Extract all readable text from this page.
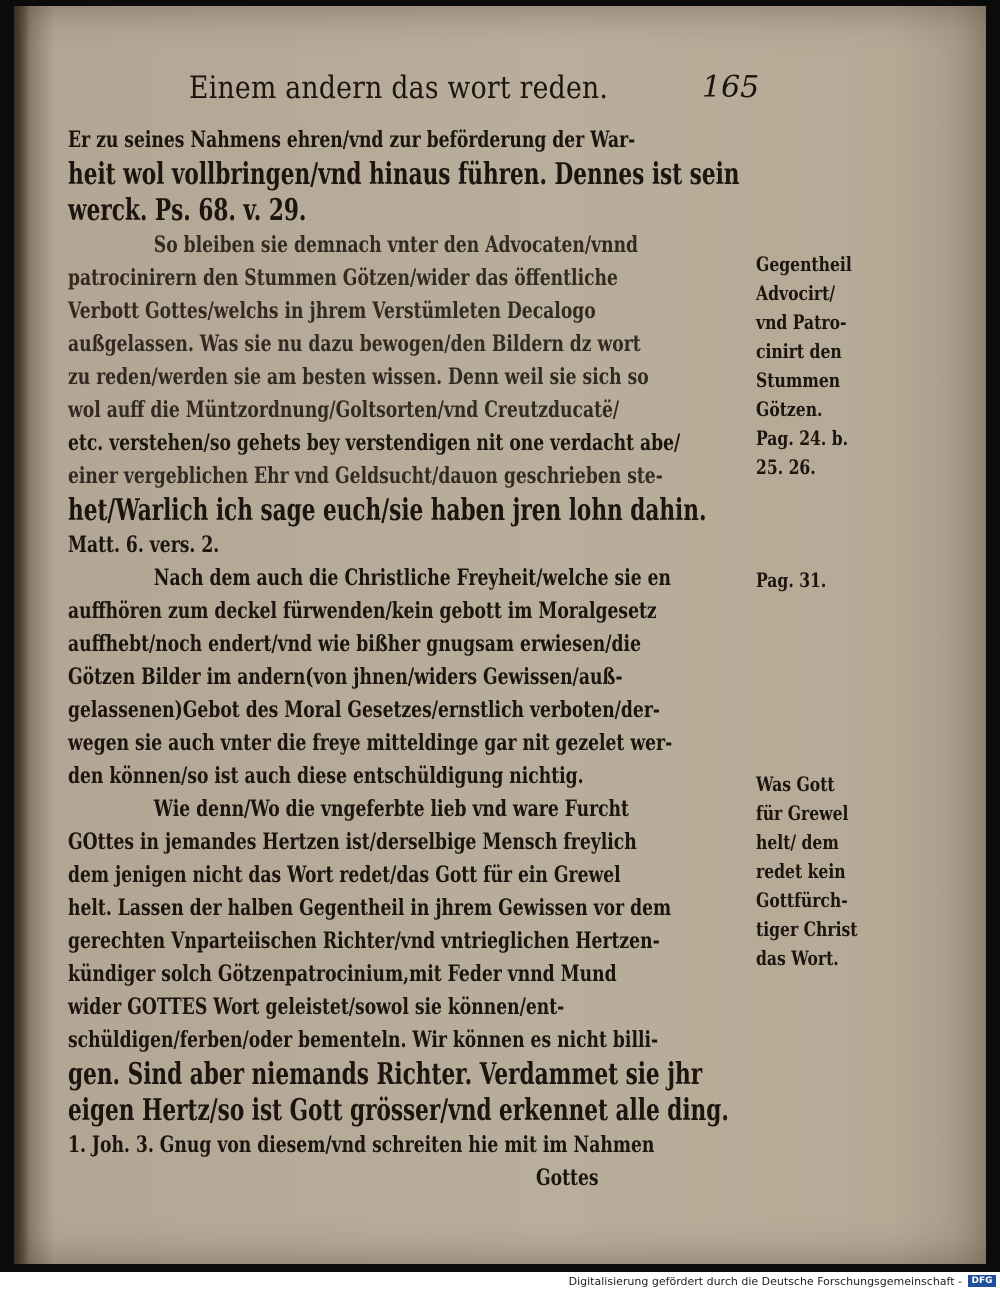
Einem andern das wort reden.	165
Er zu seines Nahmens ehren/vnd zur beförderung der War-
heit wol vollbringen/vnd hinaus führen. Dennes ist sein
werck. Ps. 68. v. 29.
So bleiben sie demnach vnter den Advocaten/vnnd
patrocinirern den Stummen Götzen/wider das öffentliche
Verbott Gottes/welchs in jhrem Verstümleten Decalogo
außgelassen. Was sie nu dazu bewogen/den Bildern dz wort
zu reden/werden sie am besten wissen. Denn weil sie sich so
wol auff die Müntzordnung/Goltsorten/vnd Creutzducatë/
etc. verstehen/so gehets bey verstendigen nit one verdacht abe/
einer vergeblichen Ehr vnd Geldsucht/dauon geschrieben ste-
het/Warlich ich sage euch/sie haben jren lohn dahin.
Matt. 6. vers. 2.
Nach dem auch die Christliche Freyheit/welche sie en
auffhören zum deckel fürwenden/kein gebott im Moralgesetz
auffhebt/noch endert/vnd wie bißher gnugsam erwiesen/die
Götzen Bilder im andern(von jhnen/widers Gewissen/auß-
gelassenen)Gebot des Moral Gesetzes/ernstlich verboten/der-
wegen sie auch vnter die freye mitteldinge gar nit gezelet wer-
den können/so ist auch diese entschüldigung nichtig.
Wie denn/Wo die vngeferbte lieb vnd ware Furcht
GOttes in jemandes Hertzen ist/derselbige Mensch freylich
dem jenigen nicht das Wort redet/das Gott für ein Grewel
helt. Lassen der halben Gegentheil in jhrem Gewissen vor dem
gerechten Vnparteiischen Richter/vnd vntrieglichen Hertzen-
kündiger solch Götzenpatrocinium,mit Feder vnnd Mund
wider GOTTES Wort geleistet/sowol sie können/ent-
schüldigen/ferben/oder bementeln. Wir können es nicht billi-
gen. Sind aber niemands Richter. Verdammet sie jhr
eigen Hertz/so ist Gott grösser/vnd erkennet alle ding.
1. Joh. 3. Gnug von diesem/vnd schreiten hie mit im Nahmen
Gottes
Gegentheil
Advocirt/
vnd Patro-
cinirt den
Stummen
Götzen.
Pag. 24. b.
25. 26.
Pag. 31.
Was Gott
für Grewel
helt/ dem
redet kein
Gottfürch-
tiger Christ
das Wort.
Digitalisierung gefördert durch die Deutsche Forschungsgemeinschaft -	DFG
